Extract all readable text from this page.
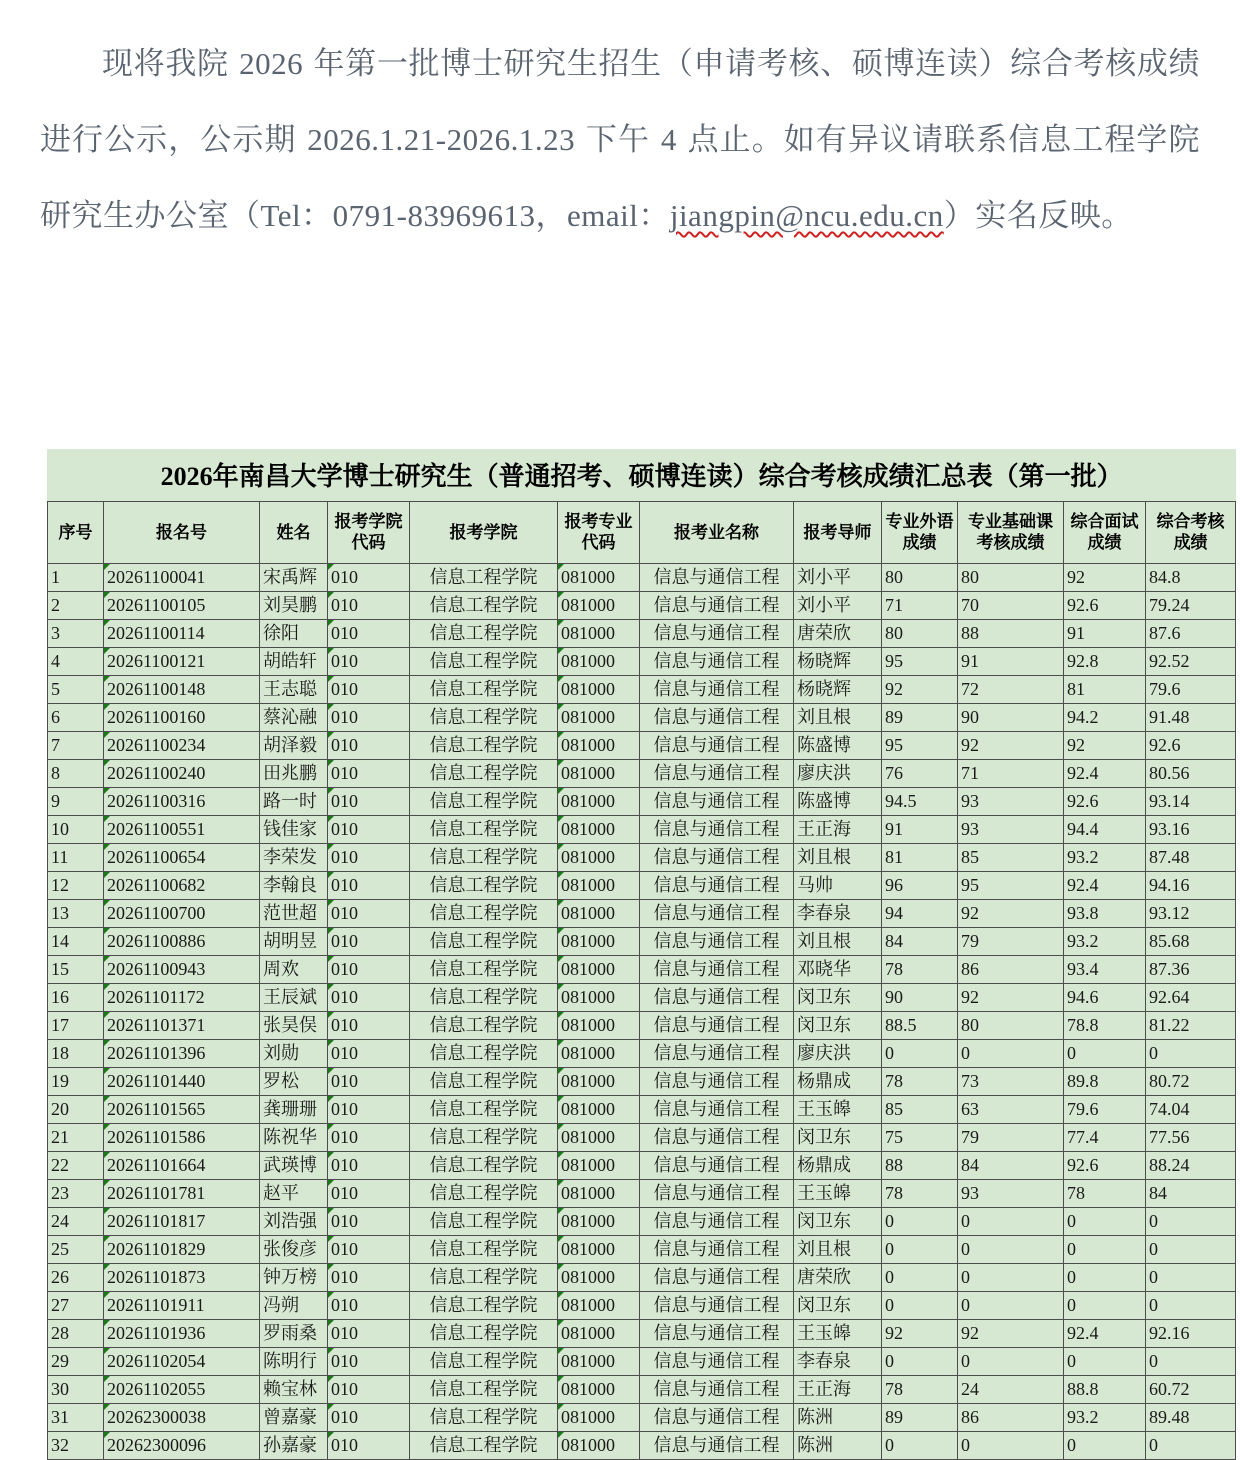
现将我院 2026 年第一批博士研究生招生（申请考核、硕博连读）综合考核成绩进行公示，公示期 2026.1.21-2026.1.23 下午 4 点止。如有异议请联系信息工程学院研究生办公室（Tel：0791-83969613，email：jiangpin@ncu.edu.cn）实名反映。
2026年南昌大学博士研究生（普通招考、硕博连读）综合考核成绩汇总表（第一批）											
序号	报名号	姓名	报考学院代码	报考学院	报考专业代码	报考业名称	报考导师	专业外语成绩	专业基础课考核成绩	综合面试成绩	综合考核成绩
1	20261100041	宋禹辉	010	信息工程学院	081000	信息与通信工程	刘小平	80	80	92	84.8
2	20261100105	刘昊鹏	010	信息工程学院	081000	信息与通信工程	刘小平	71	70	92.6	79.24
3	20261100114	徐阳	010	信息工程学院	081000	信息与通信工程	唐荣欣	80	88	91	87.6
4	20261100121	胡皓轩	010	信息工程学院	081000	信息与通信工程	杨晓辉	95	91	92.8	92.52
5	20261100148	王志聪	010	信息工程学院	081000	信息与通信工程	杨晓辉	92	72	81	79.6
6	20261100160	蔡沁融	010	信息工程学院	081000	信息与通信工程	刘且根	89	90	94.2	91.48
7	20261100234	胡泽毅	010	信息工程学院	081000	信息与通信工程	陈盛博	95	92	92	92.6
8	20261100240	田兆鹏	010	信息工程学院	081000	信息与通信工程	廖庆洪	76	71	92.4	80.56
9	20261100316	路一时	010	信息工程学院	081000	信息与通信工程	陈盛博	94.5	93	92.6	93.14
10	20261100551	钱佳家	010	信息工程学院	081000	信息与通信工程	王正海	91	93	94.4	93.16
11	20261100654	李荣发	010	信息工程学院	081000	信息与通信工程	刘且根	81	85	93.2	87.48
12	20261100682	李翰良	010	信息工程学院	081000	信息与通信工程	马帅	96	95	92.4	94.16
13	20261100700	范世超	010	信息工程学院	081000	信息与通信工程	李春泉	94	92	93.8	93.12
14	20261100886	胡明昱	010	信息工程学院	081000	信息与通信工程	刘且根	84	79	93.2	85.68
15	20261100943	周欢	010	信息工程学院	081000	信息与通信工程	邓晓华	78	86	93.4	87.36
16	20261101172	王辰斌	010	信息工程学院	081000	信息与通信工程	闵卫东	90	92	94.6	92.64
17	20261101371	张昊俣	010	信息工程学院	081000	信息与通信工程	闵卫东	88.5	80	78.8	81.22
18	20261101396	刘勋	010	信息工程学院	081000	信息与通信工程	廖庆洪	0	0	0	0
19	20261101440	罗松	010	信息工程学院	081000	信息与通信工程	杨鼎成	78	73	89.8	80.72
20	20261101565	龚珊珊	010	信息工程学院	081000	信息与通信工程	王玉皞	85	63	79.6	74.04
21	20261101586	陈祝华	010	信息工程学院	081000	信息与通信工程	闵卫东	75	79	77.4	77.56
22	20261101664	武瑛博	010	信息工程学院	081000	信息与通信工程	杨鼎成	88	84	92.6	88.24
23	20261101781	赵平	010	信息工程学院	081000	信息与通信工程	王玉皞	78	93	78	84
24	20261101817	刘浩强	010	信息工程学院	081000	信息与通信工程	闵卫东	0	0	0	0
25	20261101829	张俊彦	010	信息工程学院	081000	信息与通信工程	刘且根	0	0	0	0
26	20261101873	钟万榜	010	信息工程学院	081000	信息与通信工程	唐荣欣	0	0	0	0
27	20261101911	冯朔	010	信息工程学院	081000	信息与通信工程	闵卫东	0	0	0	0
28	20261101936	罗雨桑	010	信息工程学院	081000	信息与通信工程	王玉皞	92	92	92.4	92.16
29	20261102054	陈明行	010	信息工程学院	081000	信息与通信工程	李春泉	0	0	0	0
30	20261102055	赖宝林	010	信息工程学院	081000	信息与通信工程	王正海	78	24	88.8	60.72
31	20262300038	曾嘉豪	010	信息工程学院	081000	信息与通信工程	陈洲	89	86	93.2	89.48
32	20262300096	孙嘉豪	010	信息工程学院	081000	信息与通信工程	陈洲	0	0	0	0
